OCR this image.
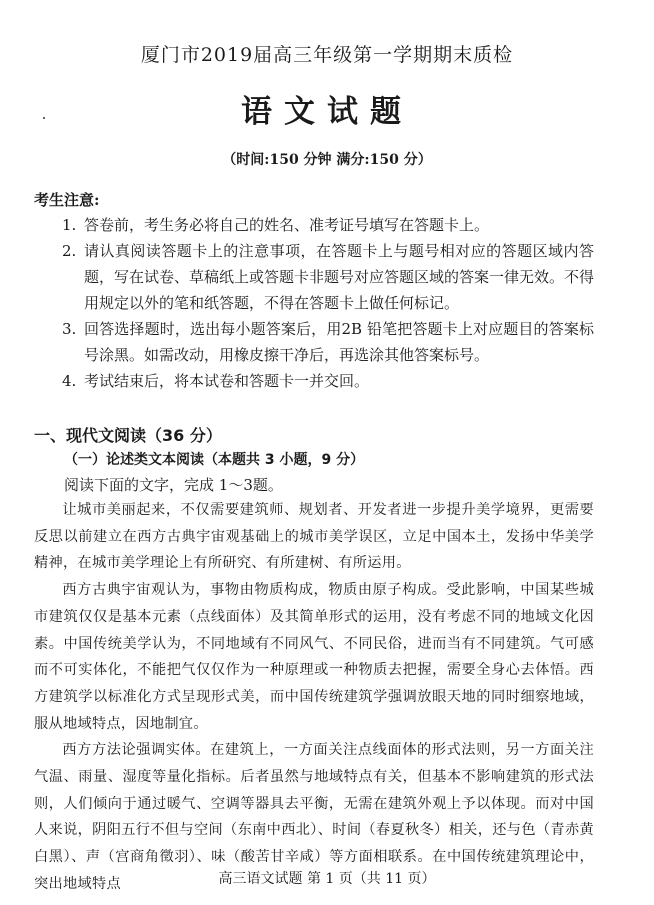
厦门市2019届高三年级第一学期期末质检
语文试题
（时间:150 分钟 满分:150 分）
考生注意:
1. 答卷前，考生务必将自己的姓名、准考证号填写在答题卡上。
2. 请认真阅读答题卡上的注意事项，在答题卡上与题号相对应的答题区域内答题，写在试卷、草稿纸上或答题卡非题号对应答题区域的答案一律无效。不得用规定以外的笔和纸答题，不得在答题卡上做任何标记。
3. 回答选择题时，选出每小题答案后，用2B 铅笔把答题卡上对应题目的答案标号涂黑。如需改动，用橡皮擦干净后，再选涂其他答案标号。
4. 考试结束后，将本试卷和答题卡一并交回。
一、现代文阅读（36 分）
（一）论述类文本阅读（本题共 3 小题，9 分）
阅读下面的文字，完成 1～3题。

让城市美丽起来，不仅需要建筑师、规划者、开发者进一步提升美学境界，更需要反思以前建立在西方古典宇宙观基础上的城市美学误区，立足中国本土，发扬中华美学精神，在城市美学理论上有所研究、有所建树、有所运用。

西方古典宇宙观认为，事物由物质构成，物质由原子构成。受此影响，中国某些城市建筑仅仅是基本元素（点线面体）及其简单形式的运用，没有考虑不同的地域文化因素。中国传统美学认为，不同地域有不同风气、不同民俗，进而当有不同建筑。气可感而不可实体化，不能把气仅仅作为一种原理或一种物质去把握，需要全身心去体悟。西方建筑学以标准化方式呈现形式美，而中国传统建筑学强调放眼天地的同时细察地域，服从地域特点，因地制宜。

西方方法论强调实体。在建筑上，一方面关注点线面体的形式法则，另一方面关注气温、雨量、湿度等量化指标。后者虽然与地域特点有关，但基本不影响建筑的形式法则，人们倾向于通过暖气、空调等器具去平衡，无需在建筑外观上予以体现。而对中国人来说，阴阳五行不但与空间（东南中西北）、时间（春夏秋冬）相关，还与色（青赤黄白黑）、声（宫商角徵羽）、味（酸苦甘辛咸）等方面相联系。在中国传统建筑理论中，突出地域特点	高三语文试题 第 1 页（共 11 页）
